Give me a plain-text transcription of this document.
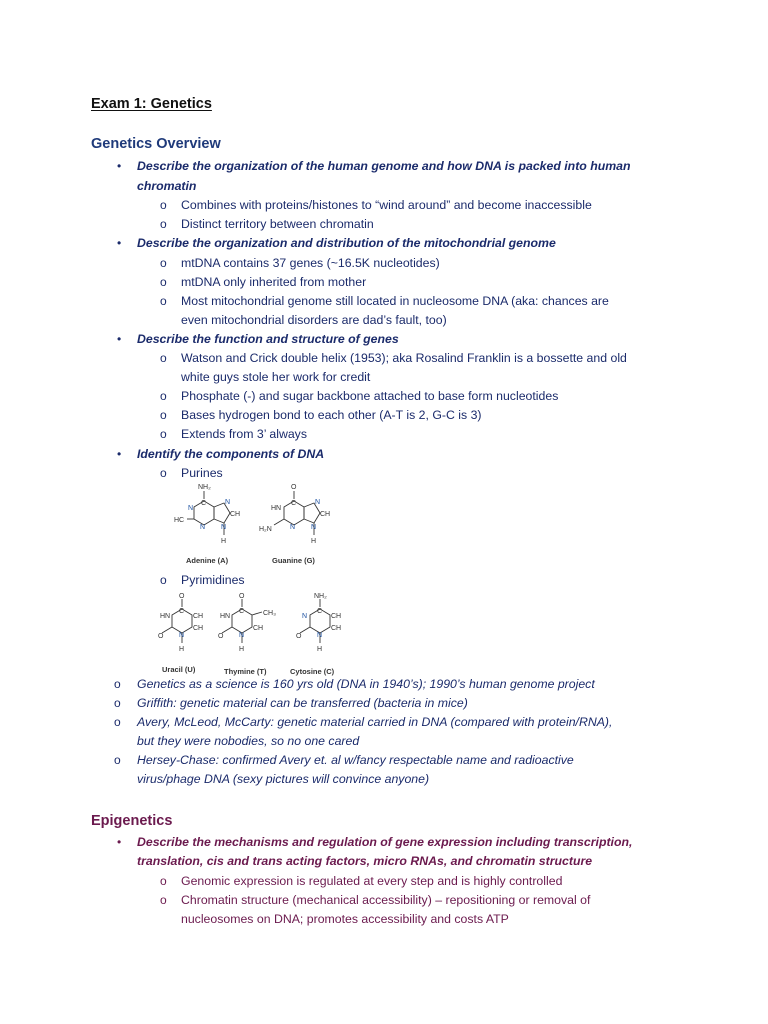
Exam 1: Genetics
Genetics Overview
• Describe the organization of the human genome and how DNA is packed into human
chromatin
o Combines with proteins/histones to “wind around” and become inaccessible
o Distinct territory between chromatin
• Describe the organization and distribution of the mitochondrial genome
o mtDNA contains 37 genes (~16.5K nucleotides)
o mtDNA only inherited from mother
o Most mitochondrial genome still located in nucleosome DNA (aka: chances are
even mitochondrial disorders are dad’s fault, too)
• Describe the function and structure of genes
o Watson and Crick double helix (1953); aka Rosalind Franklin is a bossette and old
white guys stole her work for credit
o Phosphate (-) and sugar backbone attached to base form nucleotides
o Bases hydrogen bond to each other (A-T is 2, G-C is 3)
o Extends from 3’ always
• Identify the components of DNA
o Purines
NH₂
C
N
HC
N
N
CH
N
H
O
C
HN
N
N
CH
N
H
H₂N
Adenine (A)	Guanine (G)
o Pyrimidines
O
C
HN	CH
CH
N
H
O
O
C
HN	CH₃
CH
N
H
O
NH₂
C
N	CH
CH
N
H
O
Uracil (U)	Thymine (T)	Cytosine (C)
o Genetics as a science is 160 yrs old (DNA in 1940’s); 1990’s human genome project
o Griffith: genetic material can be transferred (bacteria in mice)
o Avery, McLeod, McCarty: genetic material carried in DNA (compared with protein/RNA),
but they were nobodies, so no one cared
o Hersey-Chase: confirmed Avery et. al w/fancy respectable name and radioactive
virus/phage DNA (sexy pictures will convince anyone)
Epigenetics
• Describe the mechanisms and regulation of gene expression including transcription,
translation, cis and trans acting factors, micro RNAs, and chromatin structure
o Genomic expression is regulated at every step and is highly controlled
o Chromatin structure (mechanical accessibility) – repositioning or removal of
nucleosomes on DNA; promotes accessibility and costs ATP
